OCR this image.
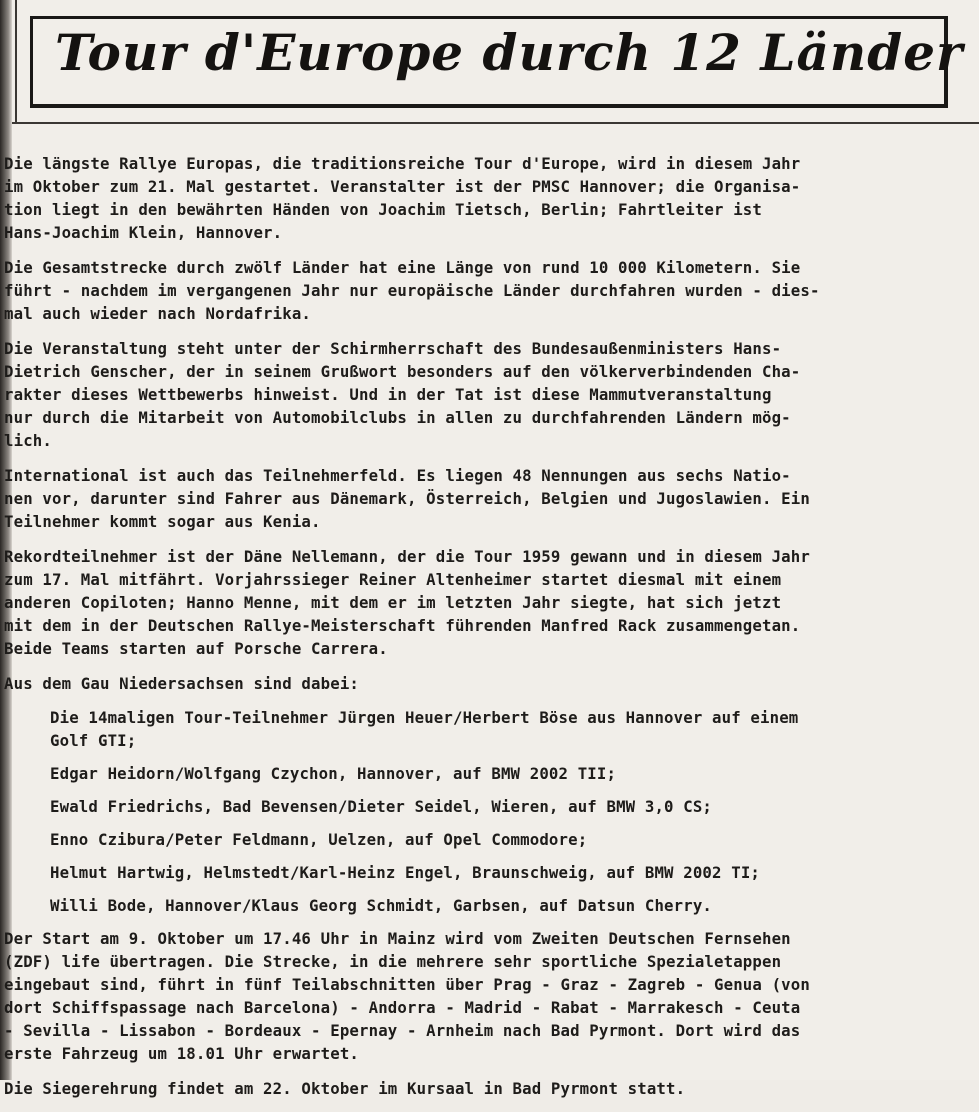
Tour d'Europe durch 12 Länder
Die längste Rallye Europas, die traditionsreiche Tour d'Europe, wird in diesem Jahr
im Oktober zum 21. Mal gestartet. Veranstalter ist der PMSC Hannover; die Organisa-
tion liegt in den bewährten Händen von Joachim Tietsch, Berlin; Fahrtleiter ist
Hans-Joachim Klein, Hannover.
Die Gesamtstrecke durch zwölf Länder hat eine Länge von rund 10 000 Kilometern. Sie
führt - nachdem im vergangenen Jahr nur europäische Länder durchfahren wurden - dies-
mal auch wieder nach Nordafrika.
Die Veranstaltung steht unter der Schirmherrschaft des Bundesaußenministers Hans-
Dietrich Genscher, der in seinem Grußwort besonders auf den völkerverbindenden Cha-
rakter dieses Wettbewerbs hinweist. Und in der Tat ist diese Mammutveranstaltung
nur durch die Mitarbeit von Automobilclubs in allen zu durchfahrenden Ländern mög-
lich.
International ist auch das Teilnehmerfeld. Es liegen 48 Nennungen aus sechs Natio-
nen vor, darunter sind Fahrer aus Dänemark, Österreich, Belgien und Jugoslawien. Ein
Teilnehmer kommt sogar aus Kenia.
Rekordteilnehmer ist der Däne Nellemann, der die Tour 1959 gewann und in diesem Jahr
zum 17. Mal mitfährt. Vorjahrssieger Reiner Altenheimer startet diesmal mit einem
anderen Copiloten; Hanno Menne, mit dem er im letzten Jahr siegte, hat sich jetzt
mit dem in der Deutschen Rallye-Meisterschaft führenden Manfred Rack zusammengetan.
Beide Teams starten auf Porsche Carrera.
Aus dem Gau Niedersachsen sind dabei:
Die 14maligen Tour-Teilnehmer Jürgen Heuer/Herbert Böse aus Hannover auf einem
Golf GTI;
Edgar Heidorn/Wolfgang Czychon, Hannover, auf BMW 2002 TII;
Ewald Friedrichs, Bad Bevensen/Dieter Seidel, Wieren, auf BMW 3,0 CS;
Enno Czibura/Peter Feldmann, Uelzen, auf Opel Commodore;
Helmut Hartwig, Helmstedt/Karl-Heinz Engel, Braunschweig, auf BMW 2002 TI;
Willi Bode, Hannover/Klaus Georg Schmidt, Garbsen, auf Datsun Cherry.
Der Start am 9. Oktober um 17.46 Uhr in Mainz wird vom Zweiten Deutschen Fernsehen
(ZDF) life übertragen. Die Strecke, in die mehrere sehr sportliche Spezialetappen
eingebaut sind, führt in fünf Teilabschnitten über Prag - Graz - Zagreb - Genua (von
dort Schiffspassage nach Barcelona) - Andorra - Madrid - Rabat - Marrakesch - Ceuta
- Sevilla - Lissabon - Bordeaux - Epernay - Arnheim nach Bad Pyrmont. Dort wird das
erste Fahrzeug um 18.01 Uhr erwartet.
Die Siegerehrung findet am 22. Oktober im Kursaal in Bad Pyrmont statt.
